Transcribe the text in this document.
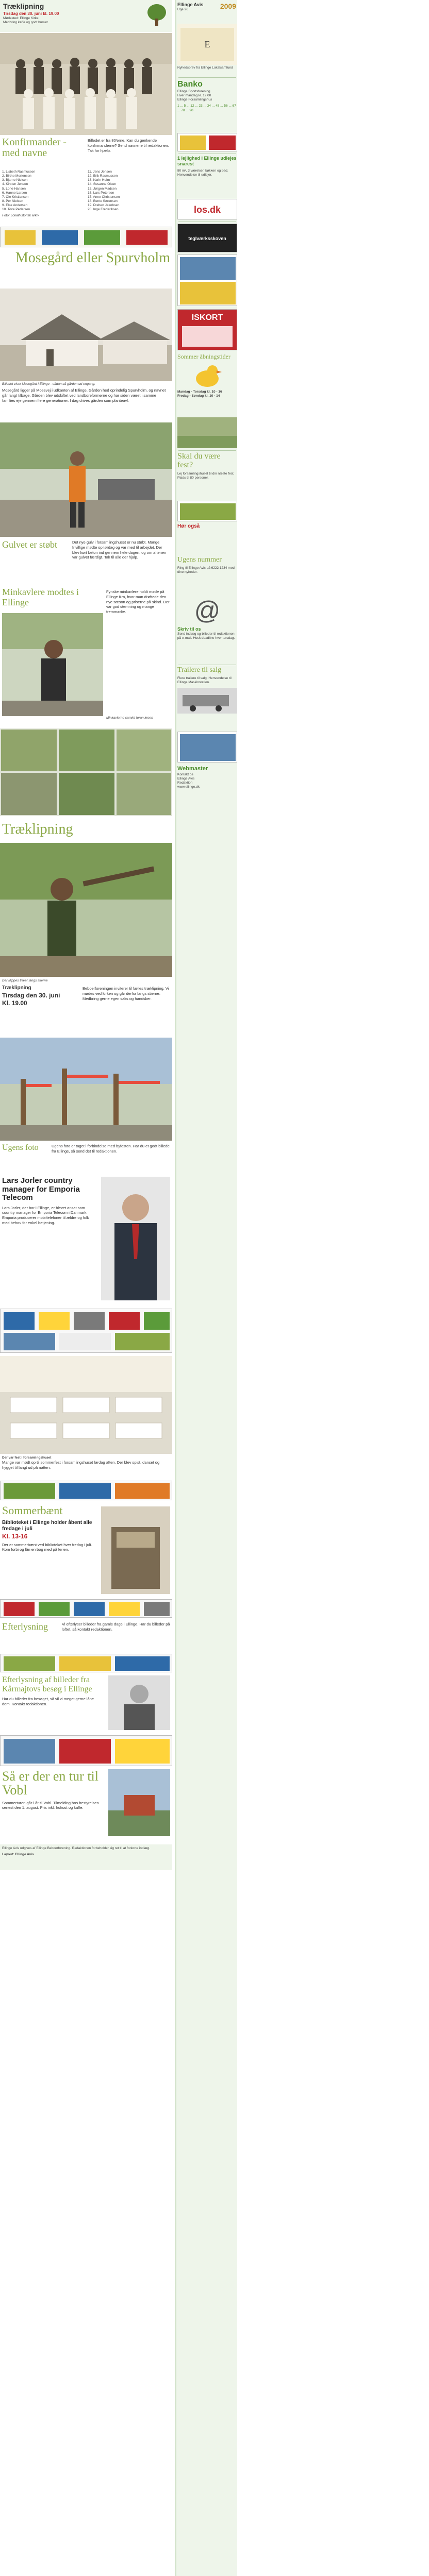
Træklipning
Tirsdag den 30. juni kl. 19.00
Mødested: Ellinge Kirke
Medbring kaffe og godt humør
Konfirmander - med navne
Billedet er fra 80'erne. Kan du genkende konfirmanderne? Send navnene til redaktionen. Tak for hjælp.
1. Lisbeth Rasmussen
2. Birthe Mortensen
3. Bjarne Nielsen
4. Kirsten Jensen
5. Lone Hansen
6. Hanne Larsen
7. Ole Kristiansen
8. Per Nielsen
9. Else Andersen
10. Tove Pedersen
11. Jens Jensen
12. Erik Rasmussen
13. Karin Holm
14. Susanne Olsen
15. Jørgen Madsen
16. Lars Petersen
17. Anne Christensen
18. Bente Sørensen
19. Preben Jakobsen
20. Inge Frederiksen
Foto: Lokalhistorisk arkiv
Mosegård eller Spurvholm
Billedet viser Mosegård i Ellinge - sådan så gården ud engang.
Mosegård ligger på Mosevej i udkanten af Ellinge. Gården hed oprindelig Spurvholm, og navnet går langt tilbage. Gården blev udskiftet ved landboreformerne og har siden været i samme families eje gennem flere generationer. I dag drives gården som planteavl.
Gulvet er støbt	Det nye gulv i forsamlingshuset er nu støbt. Mange frivillige mødte op lørdag og var med til arbejdet. Der blev kørt beton ind gennem hele dagen, og om aftenen var gulvet færdigt. Tak til alle der hjalp.
Minkavlere modtes i Ellinge
Fynske minkavlere holdt møde på Ellinge Kro, hvor man drøftede den nye sæson og priserne på skind. Der var god stemning og mange fremmødte.
Minkavlerne samlet foran kroen
Træklipning
Der klippes træer langs stierne
Træklipning
Tirsdag den 30. juni
Kl. 19.00
Beboerforeningen inviterer til fælles træklipning. Vi mødes ved kirken og går derfra langs stierne. Medbring gerne egen saks og handsker.
Ugens foto	Ugens foto er taget i forbindelse med byfesten. Har du et godt billede fra Ellinge, så send det til redaktionen.
Lars Jorler country manager for Emporia Telecom
Lars Jorler, der bor i Ellinge, er blevet ansat som country manager for Emporia Telecom i Danmark. Emporia producerer mobiltelefoner til ældre og folk med behov for enkel betjening.
Der var fest i forsamlingshuset
Mange var mødt op til sommerfest i forsamlingshuset lørdag aften. Der blev spist, danset og hygget til langt ud på natten.
Sommerbænt
Biblioteket i Ellinge holder åbent alle fredage i juli
Kl. 13-16
Der er sommerbænt ved biblioteket hver fredag i juli. Kom forbi og lån en bog med på ferien.
Efterlysning	Vi efterlyser billeder fra gamle dage i Ellinge. Har du billeder på loftet, så kontakt redaktionen.
Efterlysning af billeder fra Kårmajtovs besøg i Ellinge
Har du billeder fra besøget, så vil vi meget gerne låne dem. Kontakt redaktionen.
Så er der en tur til Vobl
Sommerturen går i år til Vobl. Tilmelding hos bestyrelsen senest den 1. august. Pris inkl. frokost og kaffe.
Ellinge Avis udgives af Ellinge Beboerforening. Redaktionen forbeholder sig ret til at forkorte indlæg.
Layout: Ellinge Avis
Ellinge Avis
Uge 26	2009
E
Nyhedsbrev fra Ellinge Lokalsamfund
Banko
Ellinge Sportsforening
Hver mandag kl. 19.00
Ellinge Forsamlingshus
1 ... 5 ... 12 ... 23 ... 34 ... 45 ... 56 ... 67 ... 78 ... 90
1 lejlighed i Ellinge udlejes snarest
80 m², 3 værelser, køkken og bad. Henvendelse til udlejer.
los.dk
teglværksskoven
ISKORT
Sommer åbningstider
Mandag - Torsdag kl. 10 - 16
Fredag - Søndag kl. 10 - 14
Skal du være fest?
Lej forsamlingshuset til din næste fest. Plads til 80 personer.
Hør også
Ugens nummer
Ring til Ellinge Avis på 6222 1234 med dine nyheder.
@
Skriv til os
Send indlæg og billeder til redaktionen på e-mail. Husk deadline hver torsdag.
Trailere til salg
Flere trailere til salg. Henvendelse til Ellinge Maskinstation.
Webmaster
Kontakt os
Ellinge Avis
Redaktion
www.ellinge.dk
